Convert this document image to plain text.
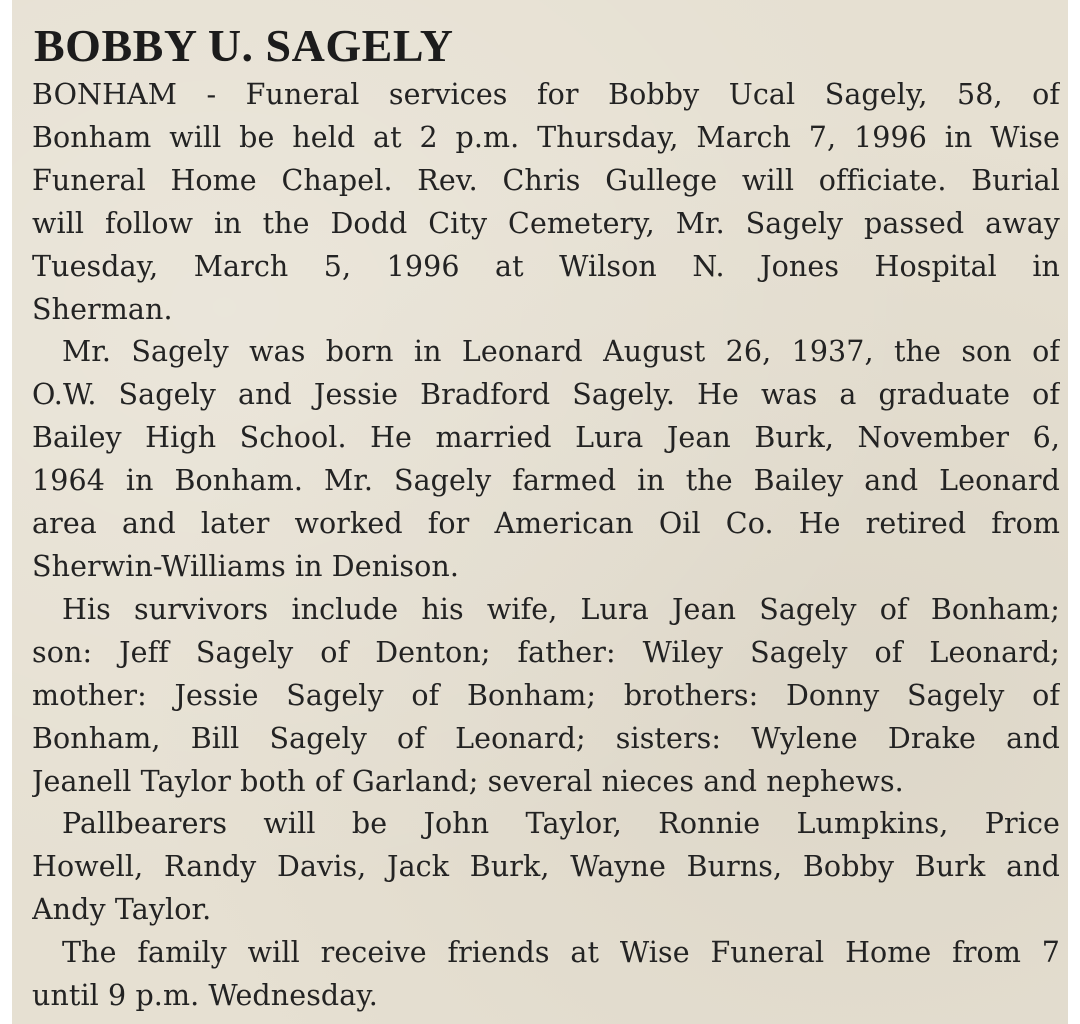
BOBBY U. SAGELY
BONHAM - Funeral services for Bobby Ucal Sagely, 58, of
Bonham will be held at 2 p.m. Thursday, March 7, 1996 in Wise
Funeral Home Chapel. Rev. Chris Gullege will officiate. Burial
will follow in the Dodd City Cemetery, Mr. Sagely passed away
Tuesday, March 5, 1996 at Wilson N. Jones Hospital in
Sherman.
Mr. Sagely was born in Leonard August 26, 1937, the son of
O.W. Sagely and Jessie Bradford Sagely. He was a graduate of
Bailey High School. He married Lura Jean Burk, November 6,
1964 in Bonham. Mr. Sagely farmed in the Bailey and Leonard
area and later worked for American Oil Co. He retired from
Sherwin-Williams in Denison.
His survivors include his wife, Lura Jean Sagely of Bonham;
son: Jeff Sagely of Denton; father: Wiley Sagely of Leonard;
mother: Jessie Sagely of Bonham; brothers: Donny Sagely of
Bonham, Bill Sagely of Leonard; sisters: Wylene Drake and
Jeanell Taylor both of Garland; several nieces and nephews.
Pallbearers will be John Taylor, Ronnie Lumpkins, Price
Howell, Randy Davis, Jack Burk, Wayne Burns, Bobby Burk and
Andy Taylor.
The family will receive friends at Wise Funeral Home from 7
until 9 p.m. Wednesday.
